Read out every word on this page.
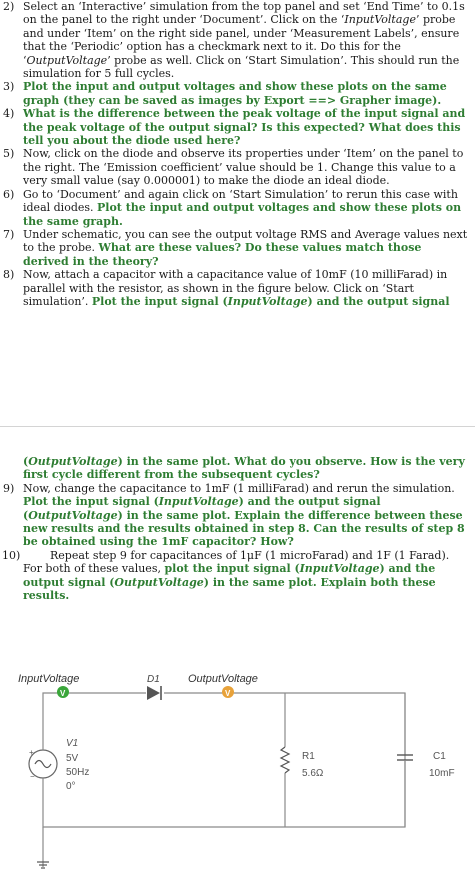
2) Select an ‘Interactive’ simulation from the top panel and set ‘End Time’ to 0.1s on the panel to the right under ‘Document’. Click on the ‘InputVoltage’ probe and under ‘Item’ on the right side panel, under ‘Measurement Labels’, ensure that the ‘Periodic’ option has a checkmark next to it. Do this for the ‘OutputVoltage’ probe as well. Click on ‘Start Simulation’. This should run the simulation for 5 full cycles.
3) Plot the input and output voltages and show these plots on the same graph (they can be saved as images by Export ==> Grapher image).
4) What is the difference between the peak voltage of the input signal and the peak voltage of the output signal? Is this expected? What does this tell you about the diode used here?
5) Now, click on the diode and observe its properties under ‘Item’ on the panel to the right. The ‘Emission coefficient’ value should be 1. Change this value to a very small value (say 0.000001) to make the diode an ideal diode.
6) Go to ‘Document’ and again click on ‘Start Simulation’ to rerun this case with ideal diodes. Plot the input and output voltages and show these plots on the same graph.
7) Under schematic, you can see the output voltage RMS and Average values next to the probe. What are these values? Do these values match those derived in the theory?
8) Now, attach a capacitor with a capacitance value of 10mF (10 milliFarad) in parallel with the resistor, as shown in the figure below. Click on ‘Start simulation’. Plot the input signal (InputVoltage) and the output signal
(OutputVoltage) in the same plot. What do you observe. How is the very first cycle different from the subsequent cycles?
9) Now, change the capacitance to 1mF (1 milliFarad) and rerun the simulation. Plot the input signal (InputVoltage) and the output signal (OutputVoltage) in the same plot. Explain the difference between these new results and the results obtained in step 8. Can the results of step 8 be obtained using the 1mF capacitor? How?
10)	Repeat step 9 for capacitances of 1μF (1 microFarad) and 1F (1 Farad).
For both of these values, plot the input signal (InputVoltage) and the output signal (OutputVoltage) in the same plot. Explain both these results.
InputVoltage
V
OutputVoltage
V
D1
+
−
V1
5V
50Hz
0°
R1
5.6Ω
C1
10mF
